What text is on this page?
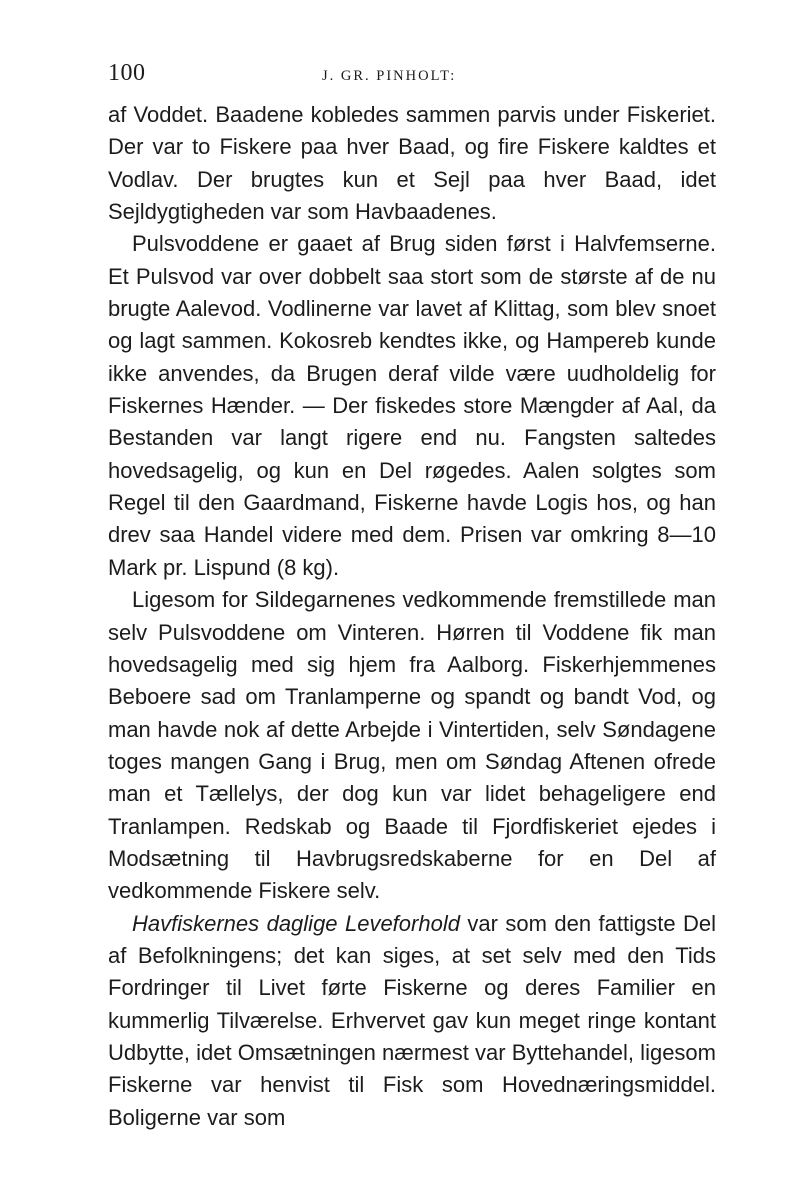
100	J. GR. PINHOLT:

af Voddet. Baadene kobledes sammen parvis under Fiskeriet. Der var to Fiskere paa hver Baad, og fire Fiskere kaldtes et Vodlav. Der brugtes kun et Sejl paa hver Baad, idet Sejldygtigheden var som Havbaadenes.

Pulsvoddene er gaaet af Brug siden først i Halvfemserne. Et Pulsvod var over dobbelt saa stort som de største af de nu brugte Aalevod. Vodlinerne var lavet af Klittag, som blev snoet og lagt sammen. Kokosreb kendtes ikke, og Hampereb kunde ikke anvendes, da Brugen deraf vilde være uudholdelig for Fiskernes Hænder. — Der fiskedes store Mængder af Aal, da Bestanden var langt rigere end nu. Fangsten saltedes hovedsagelig, og kun en Del røgedes. Aalen solgtes som Regel til den Gaardmand, Fiskerne havde Logis hos, og han drev saa Handel videre med dem. Prisen var omkring 8—10 Mark pr. Lispund (8 kg).

Ligesom for Sildegarnenes vedkommende fremstillede man selv Pulsvoddene om Vinteren. Hørren til Voddene fik man hovedsagelig med sig hjem fra Aalborg. Fiskerhjemmenes Beboere sad om Tranlamperne og spandt og bandt Vod, og man havde nok af dette Arbejde i Vintertiden, selv Søndagene toges mangen Gang i Brug, men om Søndag Aftenen ofrede man et Tællelys, der dog kun var lidet behageligere end Tranlampen. Redskab og Baade til Fjordfiskeriet ejedes i Modsætning til Havbrugsredskaberne for en Del af vedkommende Fiskere selv.

Havfiskernes daglige Leveforhold var som den fattigste Del af Befolkningens; det kan siges, at set selv med den Tids Fordringer til Livet førte Fiskerne og deres Familier en kummerlig Tilværelse. Erhvervet gav kun meget ringe kontant Udbytte, idet Omsætningen nærmest var Byttehandel, ligesom Fiskerne var henvist til Fisk som Hovednæringsmiddel. Boligerne var som
